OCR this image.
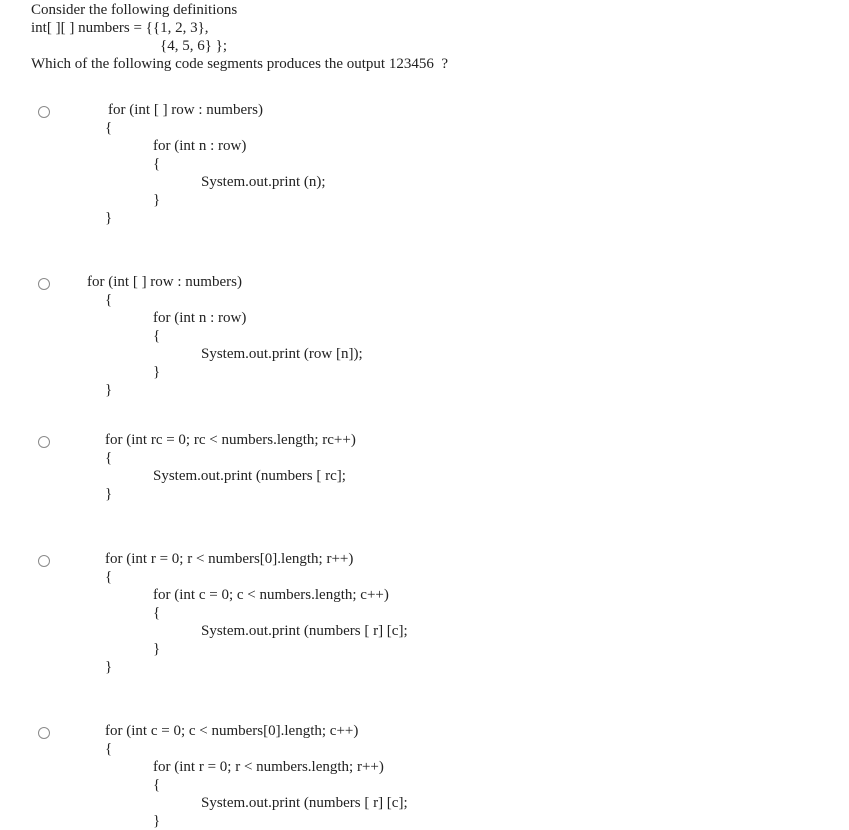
Consider the following definitions
int[ ][ ] numbers = {{1, 2, 3},
{4, 5, 6} };
Which of the following code segments produces the output 123456  ?
for (int [ ] row : numbers)
{
for (int n : row)
{
System.out.print (n);
}
}
for (int [ ] row : numbers)
{
for (int n : row)
{
System.out.print (row [n]);
}
}
for (int rc = 0; rc < numbers.length; rc++)
{
System.out.print (numbers [ rc];
}
for (int r = 0; r < numbers[0].length; r++)
{
for (int c = 0; c < numbers.length; c++)
{
System.out.print (numbers [ r] [c];
}
}
for (int c = 0; c < numbers[0].length; c++)
{
for (int r = 0; r < numbers.length; r++)
{
System.out.print (numbers [ r] [c];
}
